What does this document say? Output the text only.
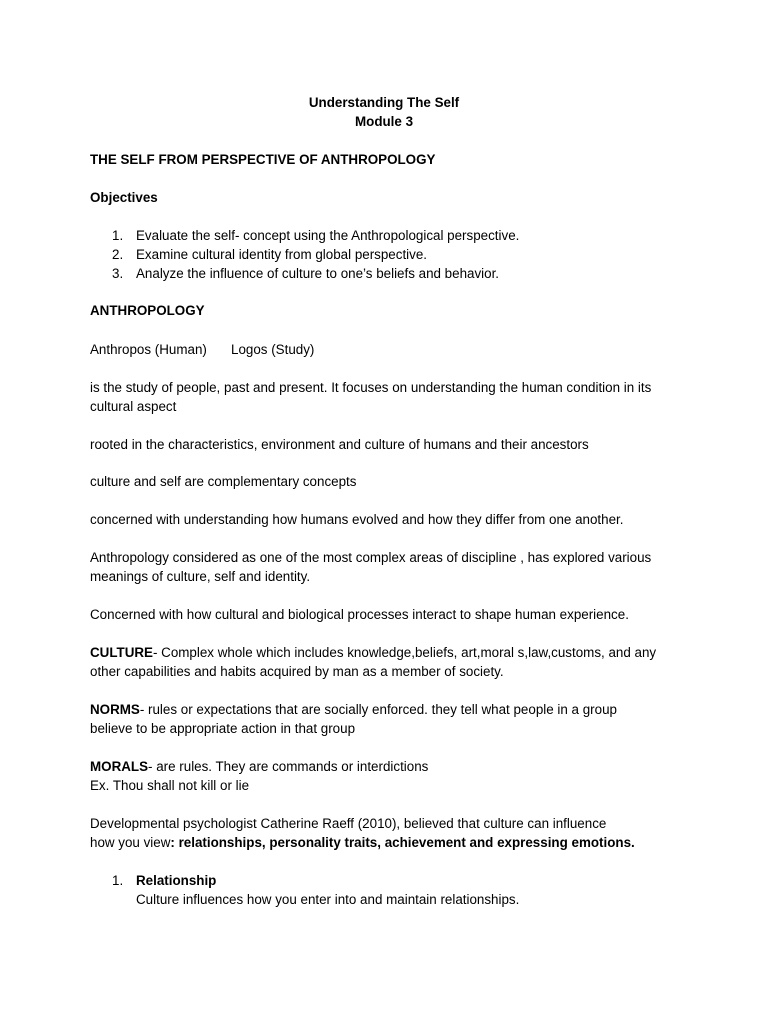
Understanding The Self
Module 3
THE SELF FROM PERSPECTIVE OF ANTHROPOLOGY
Objectives
1. Evaluate the self- concept using the Anthropological perspective.
2. Examine cultural identity from global perspective.
3. Analyze the influence of culture to one’s beliefs and behavior.
ANTHROPOLOGY
Anthropos (Human) Logos (Study)
is the study of people, past and present. It focuses on understanding the human condition in its
cultural aspect
rooted in the characteristics, environment and culture of humans and their ancestors
culture and self are complementary concepts
concerned with understanding how humans evolved and how they differ from one another.
Anthropology considered as one of the most complex areas of discipline , has explored various
meanings of culture, self and identity.
Concerned with how cultural and biological processes interact to shape human experience.
CULTURE- Complex whole which includes knowledge,beliefs, art,moral s,law,customs, and any
other capabilities and habits acquired by man as a member of society.
NORMS- rules or expectations that are socially enforced. they tell what people in a group
believe to be appropriate action in that group
MORALS- are rules. They are commands or interdictions
Ex. Thou shall not kill or lie
Developmental psychologist Catherine Raeff (2010), believed that culture can influence
how you view: relationships, personality traits, achievement and expressing emotions.
1. Relationship
Culture influences how you enter into and maintain relationships.
